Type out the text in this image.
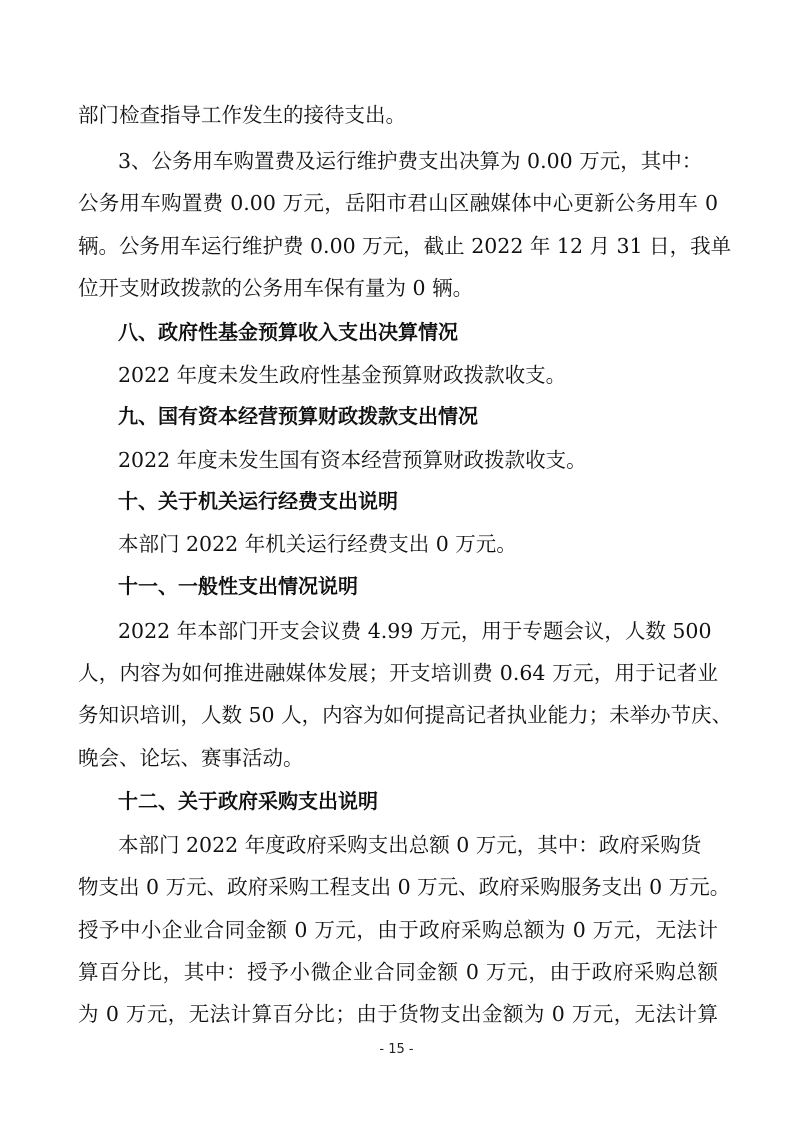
部门检查指导工作发生的接待支出。
3、公务用车购置费及运行维护费支出决算为 0.00 万元，其中：
公务用车购置费 0.00 万元，岳阳市君山区融媒体中心更新公务用车 0
辆。公务用车运行维护费 0.00 万元，截止 2022 年 12 月 31 日，我单
位开支财政拨款的公务用车保有量为 0 辆。
八、政府性基金预算收入支出决算情况
2022 年度未发生政府性基金预算财政拨款收支。
九、国有资本经营预算财政拨款支出情况
2022 年度未发生国有资本经营预算财政拨款收支。
十、关于机关运行经费支出说明
本部门 2022 年机关运行经费支出 0 万元。
十一、一般性支出情况说明
2022 年本部门开支会议费 4.99 万元，用于专题会议，人数 500
人，内容为如何推进融媒体发展；开支培训费 0.64 万元，用于记者业
务知识培训，人数 50 人，内容为如何提高记者执业能力；未举办节庆、
晚会、论坛、赛事活动。
十二、关于政府采购支出说明
本部门 2022 年度政府采购支出总额 0 万元，其中：政府采购货
物支出 0 万元、政府采购工程支出 0 万元、政府采购服务支出 0 万元。
授予中小企业合同金额 0 万元，由于政府采购总额为 0 万元，无法计
算百分比，其中：授予小微企业合同金额 0 万元，由于政府采购总额
为 0 万元，无法计算百分比；由于货物支出金额为 0 万元，无法计算
- 15 -
